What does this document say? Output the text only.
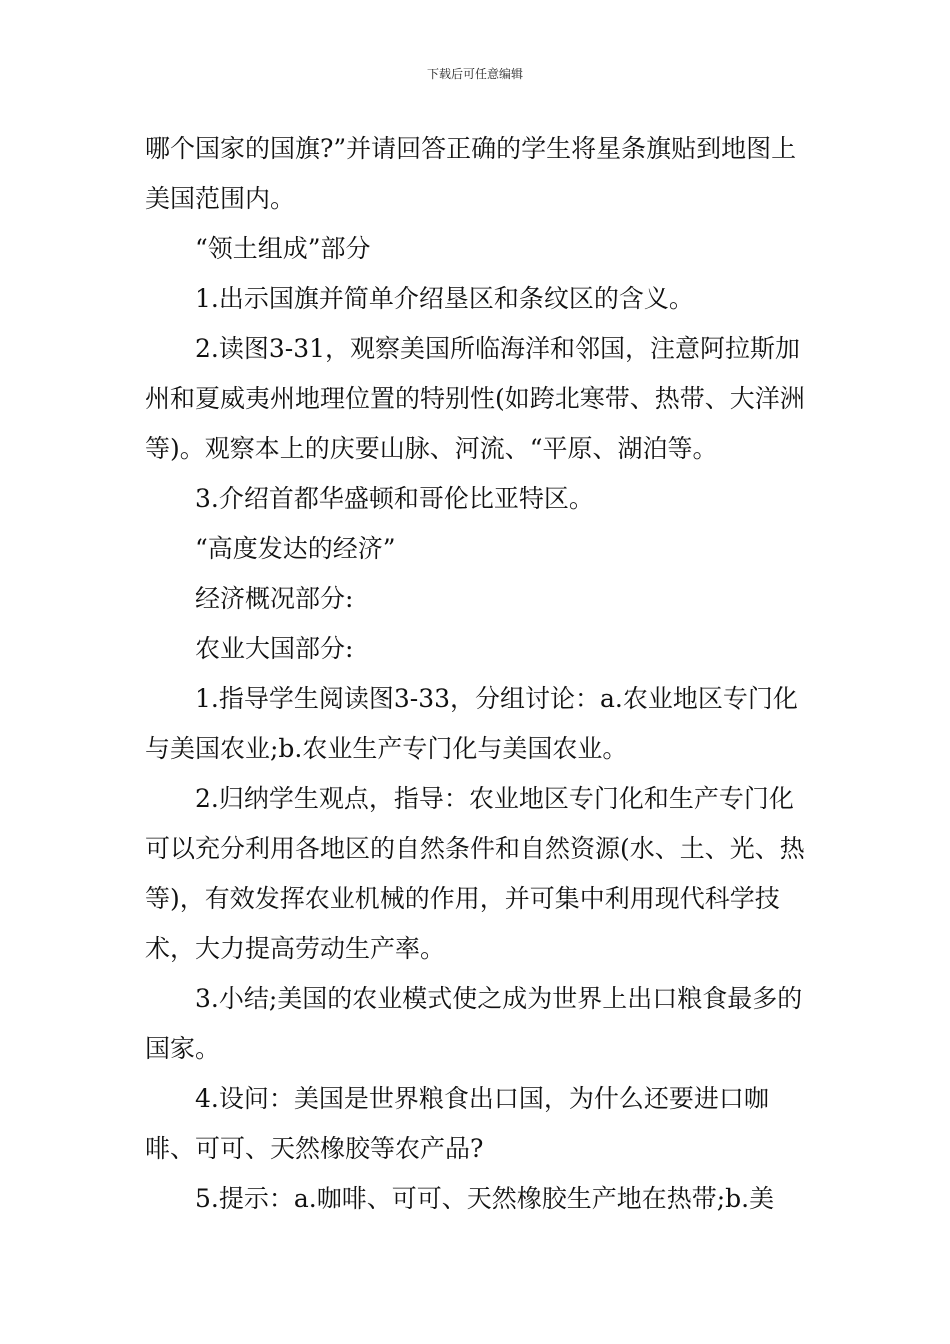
下载后可任意编辑

哪个国家的国旗?”并请回答正确的学生将星条旗贴到地图上美国范围内。

“领土组成”部分

1.出示国旗并简单介绍垦区和条纹区的含义。

2.读图3-31，观察美国所临海洋和邻国，注意阿拉斯加州和夏威夷州地理位置的特别性(如跨北寒带、热带、大洋洲等)。观察本上的庆要山脉、河流、“平原、湖泊等。

3.介绍首都华盛顿和哥伦比亚特区。

“高度发达的经济”

经济概况部分:

农业大国部分:

1.指导学生阅读图3-33，分组讨论：a.农业地区专门化与美国农业;b.农业生产专门化与美国农业。

2.归纳学生观点，指导：农业地区专门化和生产专门化可以充分利用各地区的自然条件和自然资源(水、土、光、热等)，有效发挥农业机械的作用，并可集中利用现代科学技术，大力提高劳动生产率。

3.小结;美国的农业模式使之成为世界上出口粮食最多的国家。

4.设问：美国是世界粮食出口国，为什么还要进口咖啡、可可、天然橡胶等农产品?

5.提示：a.咖啡、可可、天然橡胶生产地在热带;b.美
